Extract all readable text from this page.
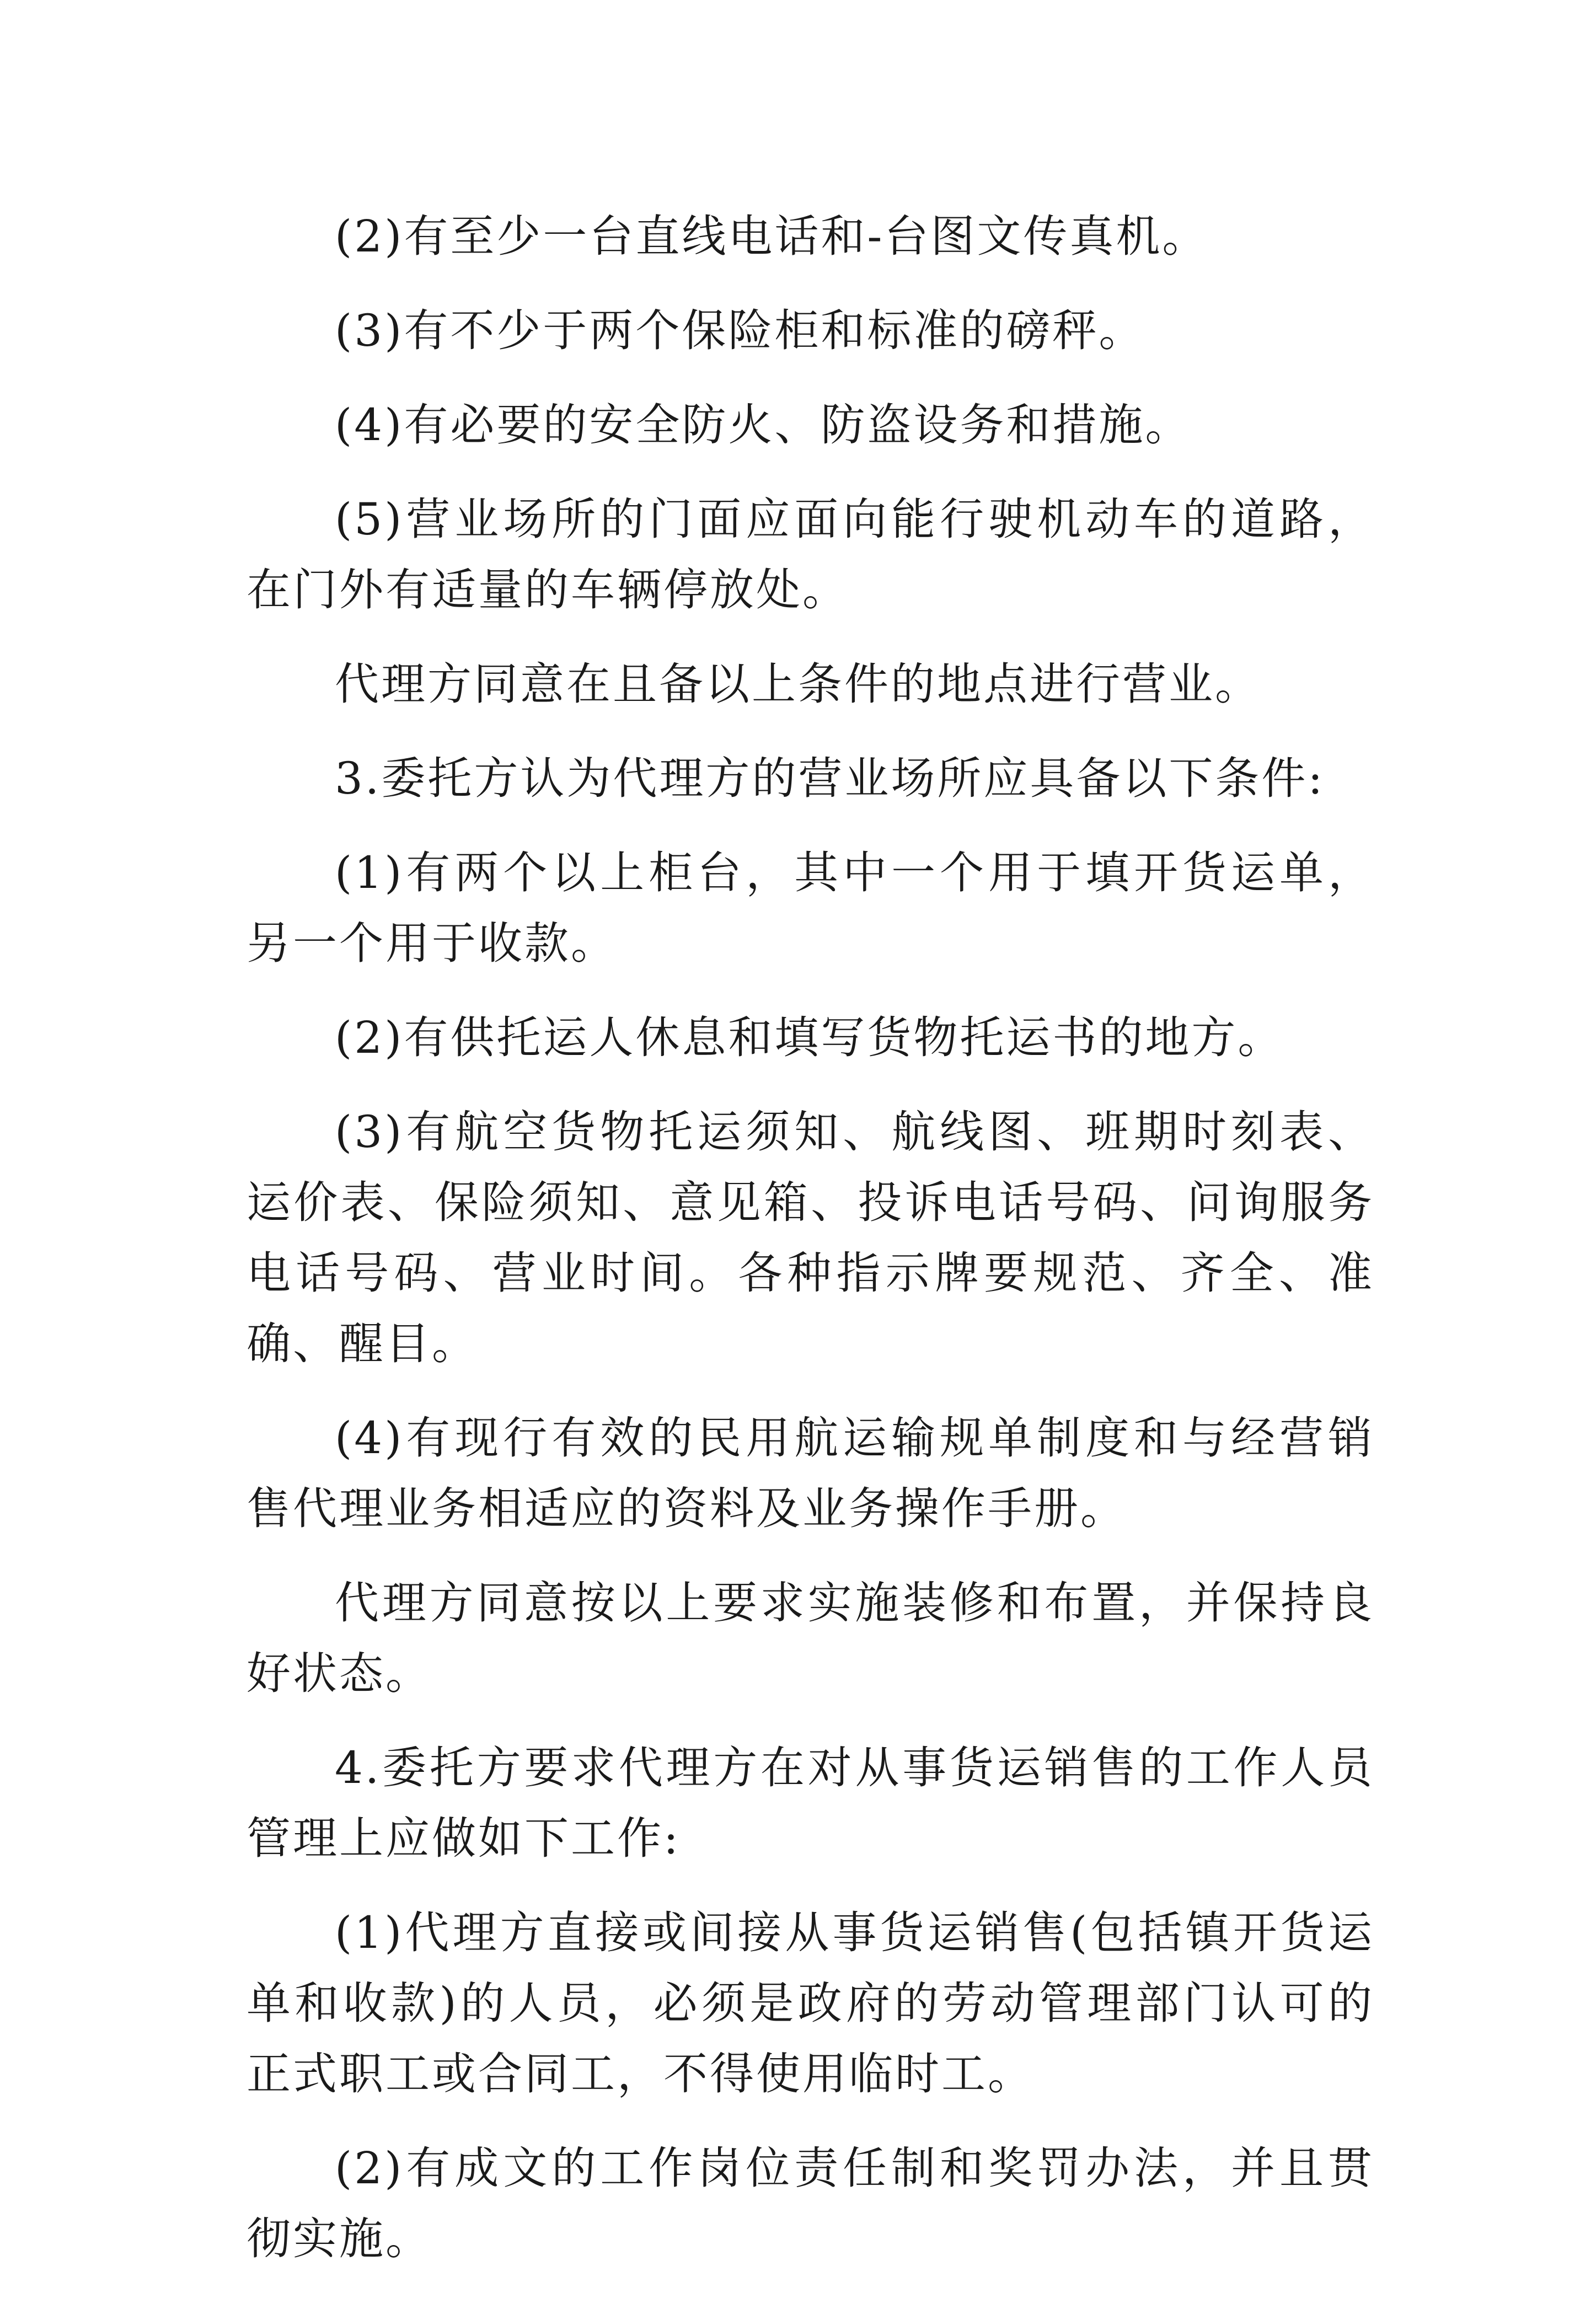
(2)有至少一台直线电话和-台图文传真机。

(3)有不少于两个保险柜和标准的磅秤。

(4)有必要的安全防火、防盗设务和措施。

(5)营业场所的门面应面向能行驶机动车的道路，在门外有适量的车辆停放处。

代理方同意在且备以上条件的地点进行营业。

3.委托方认为代理方的营业场所应具备以下条件:

(1)有两个以上柜台，其中一个用于填开货运单，另一个用于收款。

(2)有供托运人休息和填写货物托运书的地方。

(3)有航空货物托运须知、航线图、班期时刻表、运价表、保险须知、意见箱、投诉电话号码、问询服务电话号码、营业时间。各种指示牌要规范、齐全、准确、醒目。

(4)有现行有效的民用航运输规单制度和与经营销售代理业务相适应的资料及业务操作手册。

代理方同意按以上要求实施装修和布置，并保持良好状态。

4.委托方要求代理方在对从事货运销售的工作人员管理上应做如下工作:

(1)代理方直接或间接从事货运销售(包括镇开货运单和收款)的人员，必须是政府的劳动管理部门认可的正式职工或合同工，不得使用临时工。

(2)有成文的工作岗位责任制和奖罚办法，并且贯彻实施。
